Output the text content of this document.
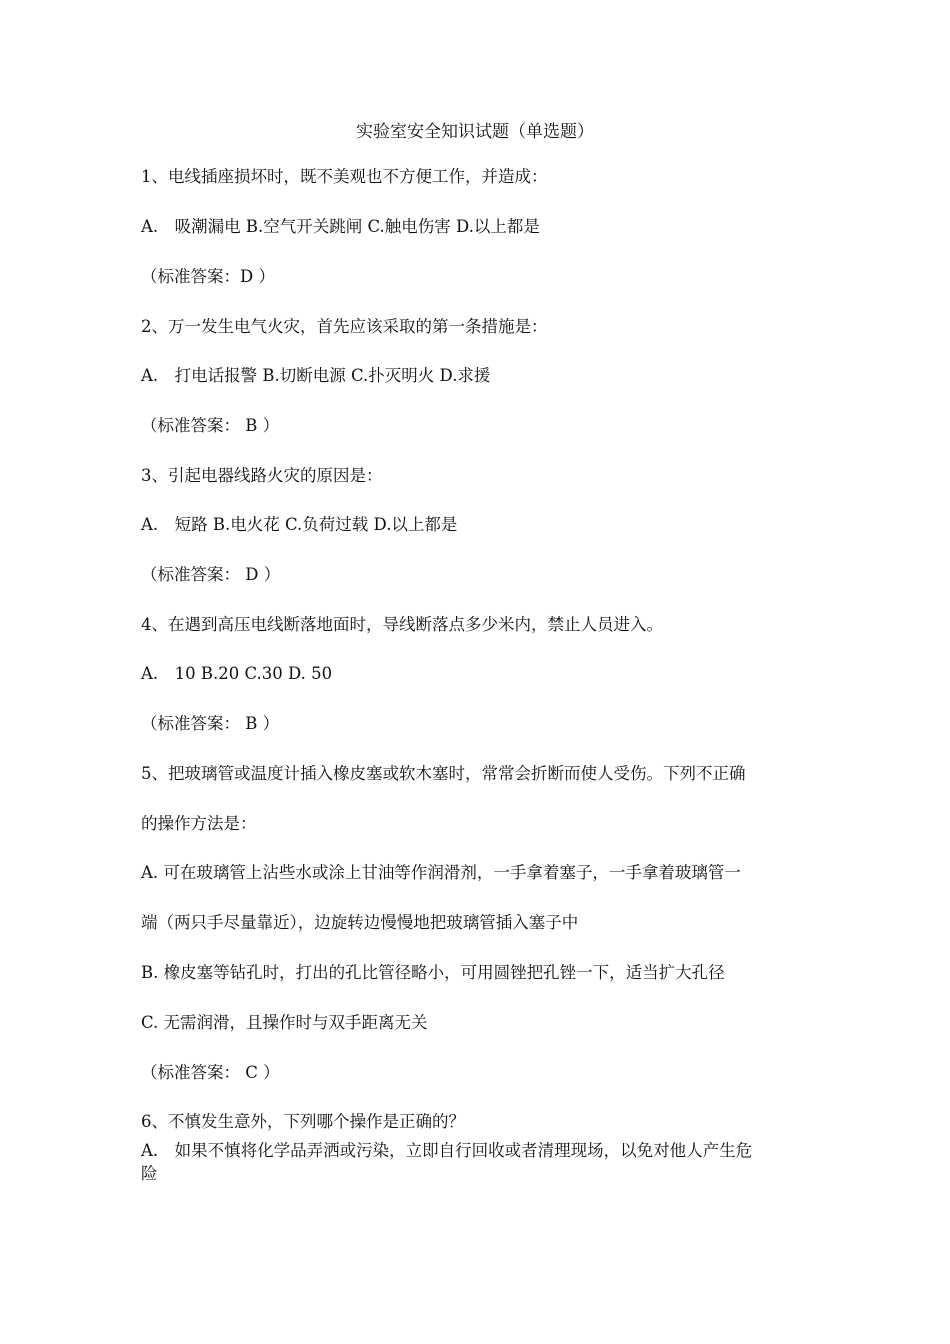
实验室安全知识试题（单选题）
1、电线插座损坏时，既不美观也不方便工作，并造成：
A.　吸潮漏电 B.空气开关跳闸 C.触电伤害 D.以上都是
（标准答案：D ）
2、万一发生电气火灾，首先应该采取的第一条措施是：
A.　打电话报警 B.切断电源 C.扑灭明火 D.求援
（标准答案： B ）
3、引起电器线路火灾的原因是：
A.　短路 B.电火花 C.负荷过载 D.以上都是
（标准答案： D ）
4、在遇到高压电线断落地面时，导线断落点多少米内，禁止人员进入。
A.　10 B.20 C.30 D. 50
（标准答案： B ）
5、把玻璃管或温度计插入橡皮塞或软木塞时，常常会折断而使人受伤。下列不正确
的操作方法是：
A. 可在玻璃管上沾些水或涂上甘油等作润滑剂，一手拿着塞子，一手拿着玻璃管一
端（两只手尽量靠近），边旋转边慢慢地把玻璃管插入塞子中
B. 橡皮塞等钻孔时，打出的孔比管径略小，可用圆锉把孔锉一下，适当扩大孔径
C. 无需润滑，且操作时与双手距离无关
（标准答案： C ）
6、不慎发生意外，下列哪个操作是正确的？
A.　如果不慎将化学品弄洒或污染，立即自行回收或者清理现场，以免对他人产生危
险
